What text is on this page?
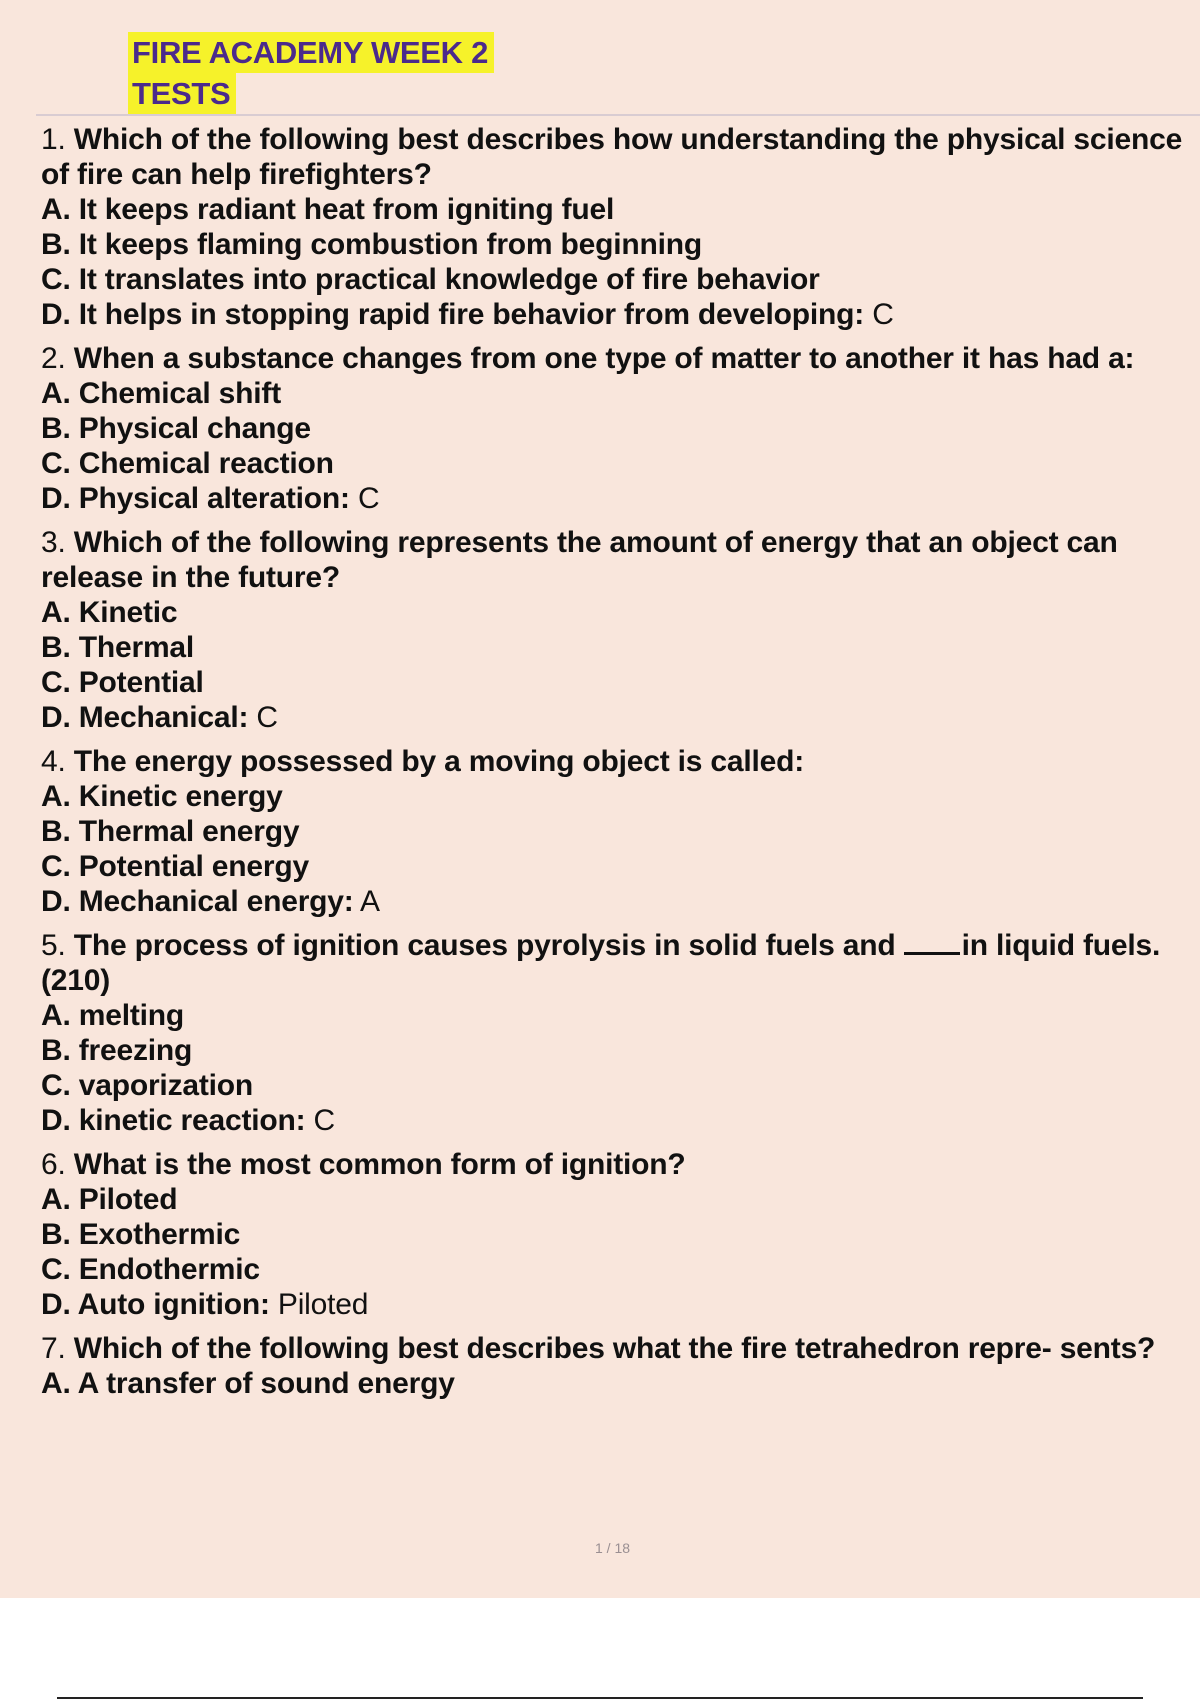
FIRE ACADEMY WEEK 2
TESTS
1. Which of the following best describes how understanding the physical science of fire can help firefighters?
A. It keeps radiant heat from igniting fuel
B. It keeps flaming combustion from beginning
C. It translates into practical knowledge of fire behavior
D. It helps in stopping rapid fire behavior from developing: C
2. When a substance changes from one type of matter to another it has had a:
A. Chemical shift
B. Physical change
C. Chemical reaction
D. Physical alteration: C
3. Which of the following represents the amount of energy that an object can release in the future?
A. Kinetic
B. Thermal
C. Potential
D. Mechanical: C
4. The energy possessed by a moving object is called:
A. Kinetic energy
B. Thermal energy
C. Potential energy
D. Mechanical energy: A
5. The process of ignition causes pyrolysis in solid fuels and in liquid fuels. (210)
A. melting
B. freezing
C. vaporization
D. kinetic reaction: C
6. What is the most common form of ignition?
A. Piloted
B. Exothermic
C. Endothermic
D. Auto ignition: Piloted
7. Which of the following best describes what the fire tetrahedron repre- sents?
A. A transfer of sound energy
1 / 18
